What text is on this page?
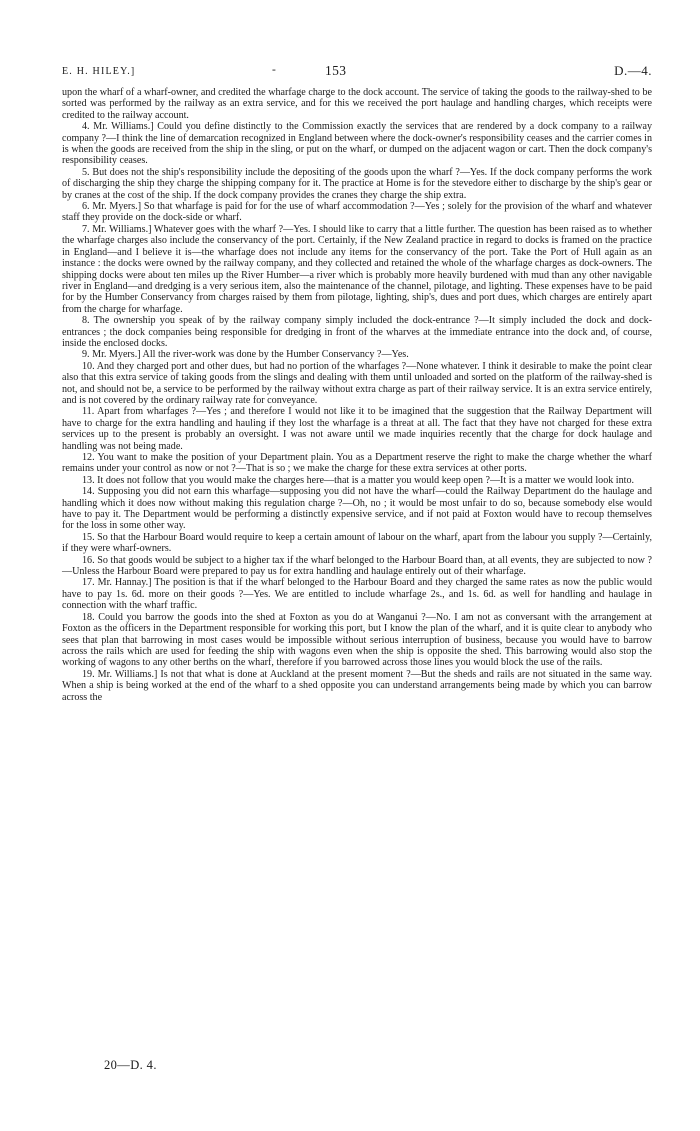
E. H. HILEY.]	-	153	D.—4.

upon the wharf of a wharf-owner, and credited the wharfage charge to the dock account. The service of taking the goods to the railway-shed to be sorted was performed by the railway as an extra service, and for this we received the port haulage and handling charges, which receipts were credited to the railway account.

4. Mr. Williams.] Could you define distinctly to the Commission exactly the services that are rendered by a dock company to a railway company ?—I think the line of demarcation recognized in England between where the dock-owner's responsibility ceases and the carrier comes in is when the goods are received from the ship in the sling, or put on the wharf, or dumped on the adjacent wagon or cart. Then the dock company's responsibility ceases.

5. But does not the ship's responsibility include the depositing of the goods upon the wharf ?—Yes. If the dock company performs the work of discharging the ship they charge the shipping company for it. The practice at Home is for the stevedore either to discharge by the ship's gear or by cranes at the cost of the ship. If the dock company provides the cranes they charge the ship extra.

6. Mr. Myers.] So that wharfage is paid for for the use of wharf accommodation ?—Yes ; solely for the provision of the wharf and whatever staff they provide on the dock-side or wharf.

7. Mr. Williams.] Whatever goes with the wharf ?—Yes. I should like to carry that a little further. The question has been raised as to whether the wharfage charges also include the conservancy of the port. Certainly, if the New Zealand practice in regard to docks is framed on the practice in England—and I believe it is—the wharfage does not include any items for the conservancy of the port. Take the Port of Hull again as an instance : the docks were owned by the railway company, and they collected and retained the whole of the wharfage charges as dock-owners. The shipping docks were about ten miles up the River Humber—a river which is probably more heavily burdened with mud than any other navigable river in England—and dredging is a very serious item, also the maintenance of the channel, pilotage, and lighting. These expenses have to be paid for by the Humber Conservancy from charges raised by them from pilotage, lighting, ship's, dues and port dues, which charges are entirely apart from the charge for wharfage.

8. The ownership you speak of by the railway company simply included the dock-entrance ?—It simply included the dock and dock-entrances ; the dock companies being responsible for dredging in front of the wharves at the immediate entrance into the dock and, of course, inside the enclosed docks.

9. Mr. Myers.] All the river-work was done by the Humber Conservancy ?—Yes.

10. And they charged port and other dues, but had no portion of the wharfages ?—None whatever. I think it desirable to make the point clear also that this extra service of taking goods from the slings and dealing with them until unloaded and sorted on the platform of the railway-shed is not, and should not be, a service to be performed by the railway without extra charge as part of their railway service. It is an extra service entirely, and is not covered by the ordinary railway rate for conveyance.

11. Apart from wharfages ?—Yes ; and therefore I would not like it to be imagined that the suggestion that the Railway Department will have to charge for the extra handling and hauling if they lost the wharfage is a threat at all. The fact that they have not charged for these extra services up to the present is probably an oversight. I was not aware until we made inquiries recently that the charge for dock haulage and handling was not being made.

12. You want to make the position of your Department plain. You as a Department reserve the right to make the charge whether the wharf remains under your control as now or not ?—That is so ; we make the charge for these extra services at other ports.

13. It does not follow that you would make the charges here—that is a matter you would keep open ?—It is a matter we would look into.

14. Supposing you did not earn this wharfage—supposing you did not have the wharf—could the Railway Department do the haulage and handling which it does now without making this regulation charge ?—Oh, no ; it would be most unfair to do so, because somebody else would have to pay it. The Department would be performing a distinctly expensive service, and if not paid at Foxton would have to recoup themselves for the loss in some other way.

15. So that the Harbour Board would require to keep a certain amount of labour on the wharf, apart from the labour you supply ?—Certainly, if they were wharf-owners.

16. So that goods would be subject to a higher tax if the wharf belonged to the Harbour Board than, at all events, they are subjected to now ?—Unless the Harbour Board were prepared to pay us for extra handling and haulage entirely out of their wharfage.

17. Mr. Hannay.] The position is that if the wharf belonged to the Harbour Board and they charged the same rates as now the public would have to pay 1s. 6d. more on their goods ?—Yes. We are entitled to include wharfage 2s., and 1s. 6d. as well for handling and haulage in connection with the wharf traffic.

18. Could you barrow the goods into the shed at Foxton as you do at Wanganui ?—No. I am not as conversant with the arrangement at Foxton as the officers in the Department responsible for working this port, but I know the plan of the wharf, and it is quite clear to anybody who sees that plan that barrowing in most cases would be impossible without serious interruption of business, because you would have to barrow across the rails which are used for feeding the ship with wagons even when the ship is opposite the shed. This barrowing would also stop the working of wagons to any other berths on the wharf, therefore if you barrowed across those lines you would block the use of the rails.

19. Mr. Williams.] Is not that what is done at Auckland at the present moment ?—But the sheds and rails are not situated in the same way. When a ship is being worked at the end of the wharf to a shed opposite you can understand arrangements being made by which you can barrow across the

20—D. 4.
